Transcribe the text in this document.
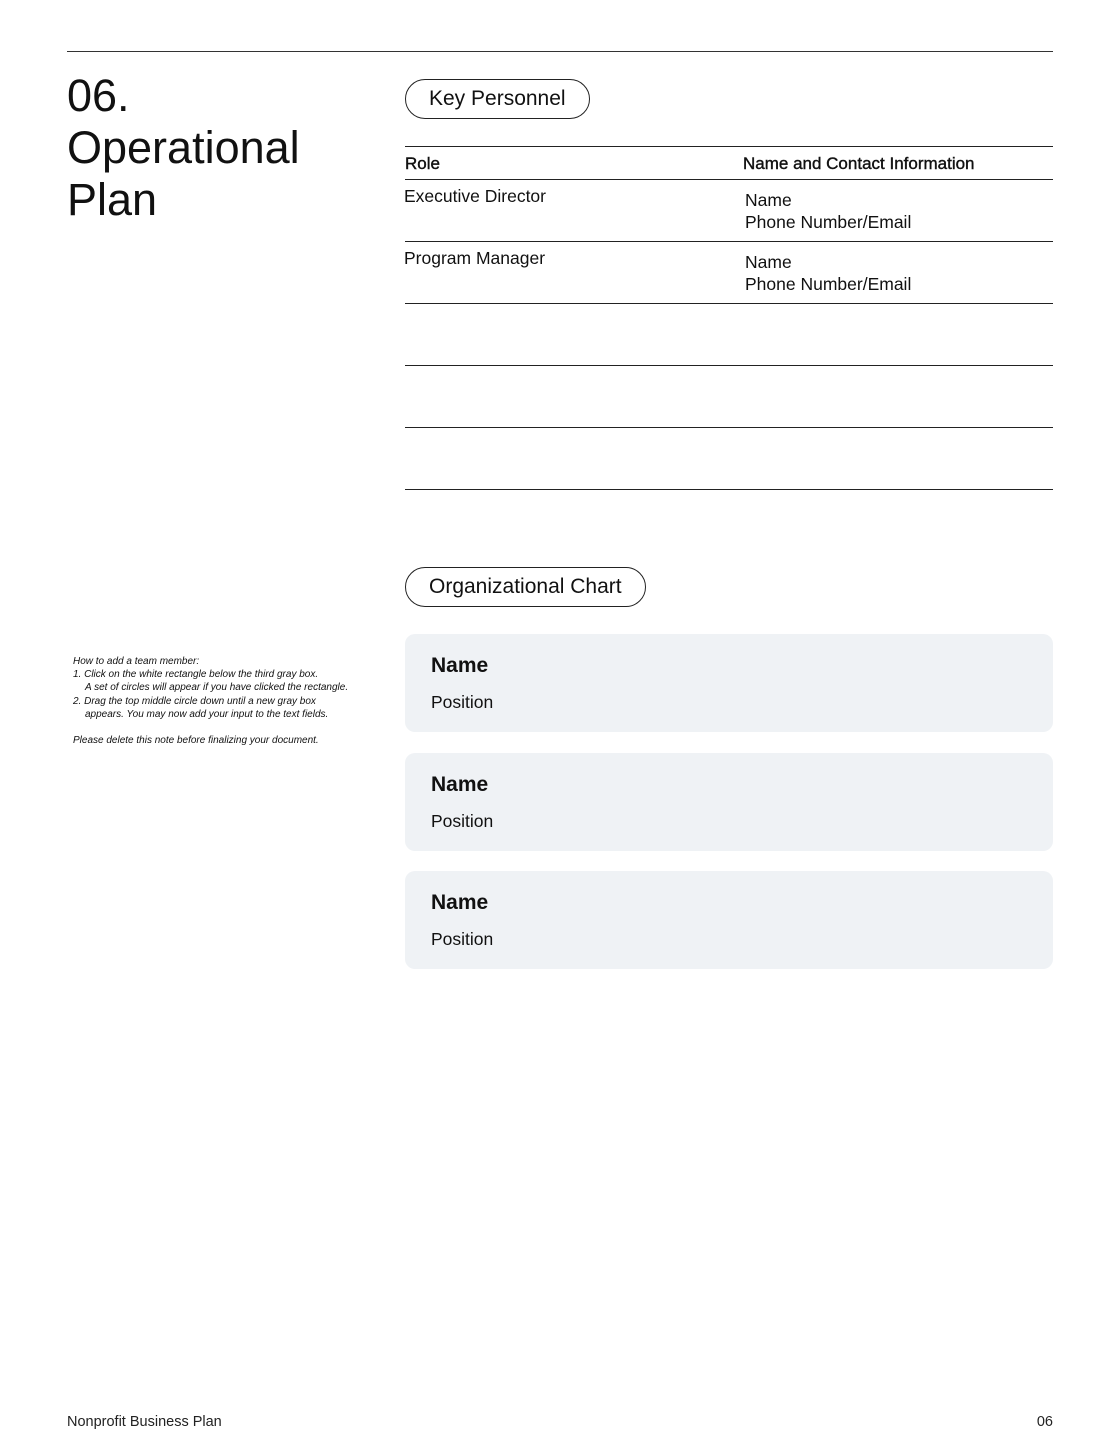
06.
Operational
Plan
Key Personnel
Role	Name and Contact Information
Executive Director	Name
Phone Number/Email
Program Manager	Name
Phone Number/Email
Organizational Chart
How to add a team member:
1. Click on the white rectangle below the third gray box.
A set of circles will appear if you have clicked the rectangle.
2. Drag the top middle circle down until a new gray box
appears. You may now add your input to the text fields.
Please delete this note before finalizing your document.
Name
Position
Name
Position
Name
Position
Nonprofit Business Plan	06
